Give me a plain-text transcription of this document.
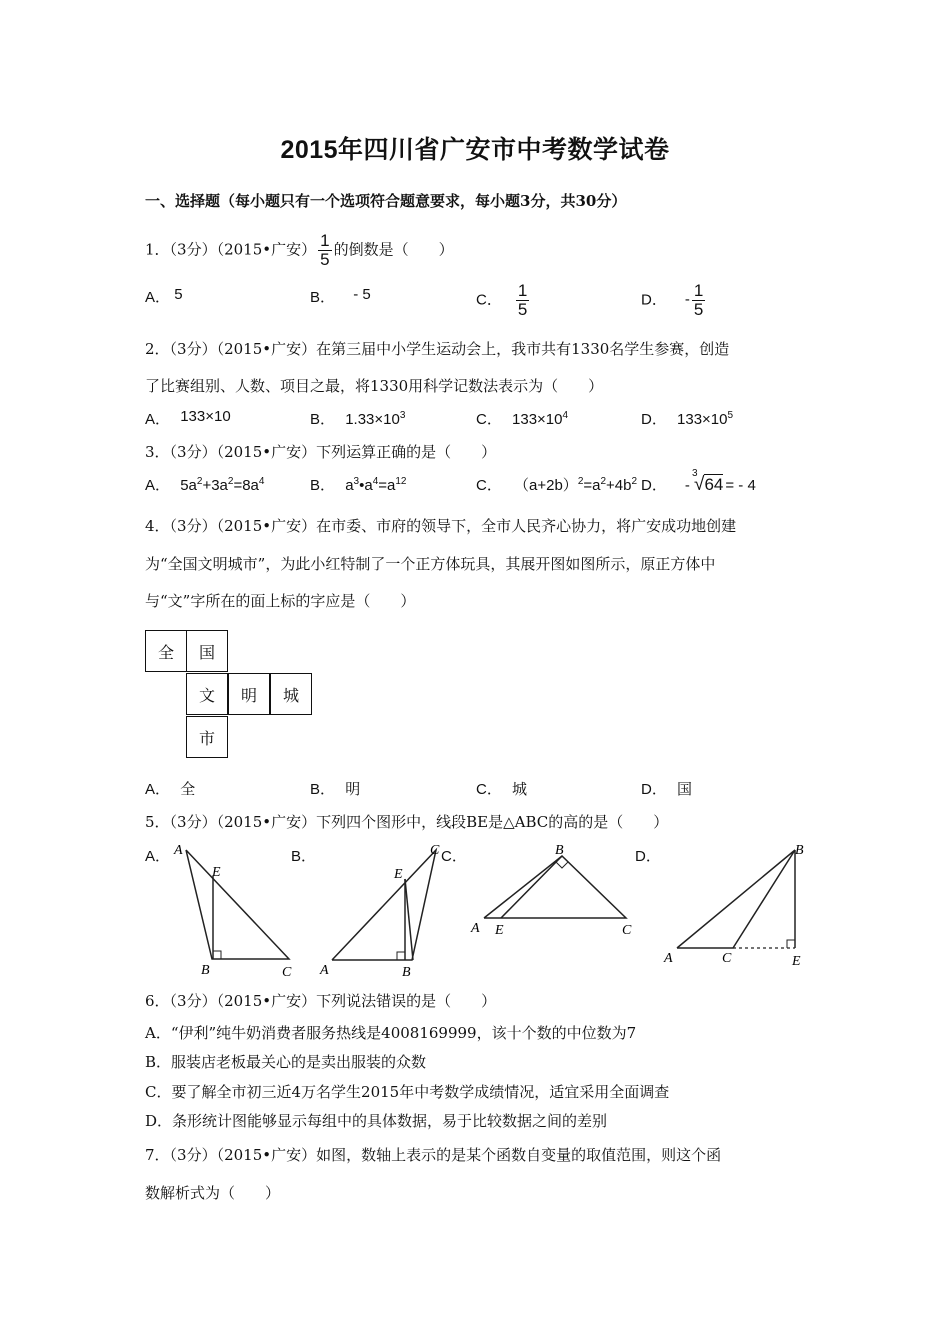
2015年四川省广安市中考数学试卷
一、选择题（每小题只有一个选项符合题意要求，每小题3分，共30分）
1．（3分）（2015•广安） $\frac{1}{5}$ 的倒数是（　　）
A． 5	B． - 5	C． $\frac{1}{5}$	D． - $\frac{1}{5}$
2．（3分）（2015•广安）在第三届中小学生运动会上，我市共有1330名学生参赛，创造
了比赛组别、人数、项目之最，将1330用科学记数法表示为（　　）
A． 133×10	B． $1.33\times 10^3$	C． $133\times 10^4$	D． $133\times 10^5$
3．（3分）（2015•广安）下列运算正确的是（　　）
A． $5a^2+3a^2=8a^4$	B． $a^3•a^4=a^{12}$	C． $(a+2b)^2=a^2+4b^2$ D． -
3
√64 = - 4
4．（3分）（2015•广安）在市委、市府的领导下，全市人民齐心协力，将广安成功地创建
为“全国文明城市”，为此小红特制了一个正方体玩具，其展开图如图所示，原正方体中
与“文”字所在的面上标的字应是（　　）
全	国
文	明	城
市
A． 全	B． 明	C． 城	D． 国
5．（3分）（2015•广安）下列四个图形中，线段BE是△ABC的高的是（　　）
A．	B．	C．	D．
A
E
B	C A
E
B
C	B
A E	C
B
A	C	E
6．（3分）（2015•广安）下列说法错误的是（　　）
A．“伊利”纯牛奶消费者服务热线是4008169999，该十个数的中位数为7
B．服装店老板最关心的是卖出服装的众数
C．要了解全市初三近4万名学生2015年中考数学成绩情况，适宜采用全面调查
D．条形统计图能够显示每组中的具体数据，易于比较数据之间的差别
7．（3分）（2015•广安）如图，数轴上表示的是某个函数自变量的取值范围，则这个函
数解析式为（　　）
